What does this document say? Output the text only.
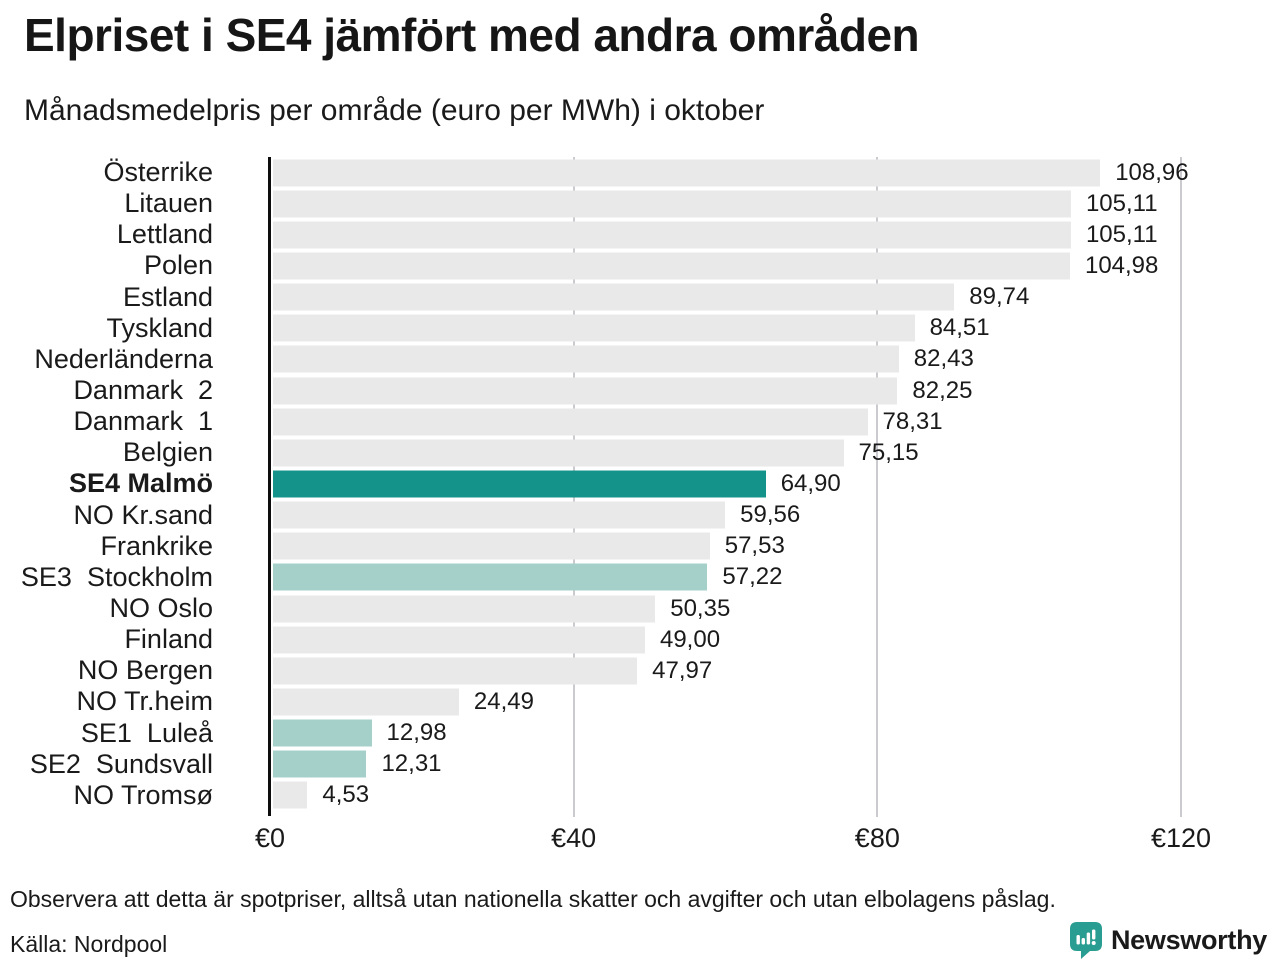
Elpriset i SE4 jämfört med andra områden

Månadsmedelpris per område (euro per MWh) i oktober

Österrike	108,96
Litauen	105,11
Lettland	105,11
Polen	104,98
Estland	89,74
Tyskland	84,51
Nederländerna	82,43
Danmark  2	82,25
Danmark  1	78,31
Belgien	75,15
SE4 Malmö	64,90
NO Kr.sand	59,56
Frankrike	57,53
SE3  Stockholm	57,22
NO Oslo	50,35
Finland	49,00
NO Bergen	47,97
NO Tr.heim	24,49
SE1  Luleå	12,98
SE2  Sundsvall	12,31
NO Tromsø	4,53
€0	€40	€80	€120

Observera att detta är spotpriser, alltså utan nationella skatter och avgifter och utan elbolagens påslag.

Källa: Nordpool	Newsworthy
